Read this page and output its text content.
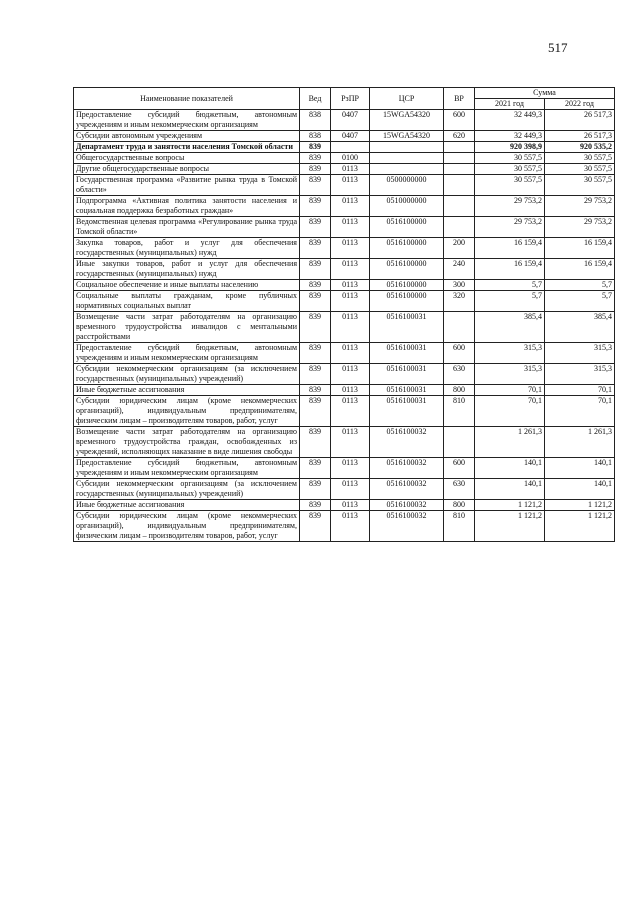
517
Наименование показателей	Вед	РзПР	ЦСР	ВР	Сумма	
					2021 год	2022 год
Предоставление субсидий бюджетным, автономным учреждениям и иным некоммерческим организациям	838	0407	15WGA54320	600	32 449,3	26 517,3
Субсидии автономным учреждениям	838	0407	15WGA54320	620	32 449,3	26 517,3
Департамент труда и занятости населения Томской области	839				920 398,9	920 535,2
Общегосударственные вопросы	839	0100			30 557,5	30 557,5
Другие общегосударственные вопросы	839	0113			30 557,5	30 557,5
Государственная программа «Развитие рынка труда в Томской области»	839	0113	0500000000		30 557,5	30 557,5
Подпрограмма «Активная политика занятости населения и социальная поддержка безработных граждан»	839	0113	0510000000		29 753,2	29 753,2
Ведомственная целевая программа «Регулирование рынка труда Томской области»	839	0113	0516100000		29 753,2	29 753,2
Закупка товаров, работ и услуг для обеспечения государственных (муниципальных) нужд	839	0113	0516100000	200	16 159,4	16 159,4
Иные закупки товаров, работ и услуг для обеспечения государственных (муниципальных) нужд	839	0113	0516100000	240	16 159,4	16 159,4
Социальное обеспечение и иные выплаты населению	839	0113	0516100000	300	5,7	5,7
Социальные выплаты гражданам, кроме публичных нормативных социальных выплат	839	0113	0516100000	320	5,7	5,7
Возмещение части затрат работодателям на организацию временного трудоустройства инвалидов с ментальными расстройствами	839	0113	0516100031		385,4	385,4
Предоставление субсидий бюджетным, автономным учреждениям и иным некоммерческим организациям	839	0113	0516100031	600	315,3	315,3
Субсидии некоммерческим организациям (за исключением государственных (муниципальных) учреждений)	839	0113	0516100031	630	315,3	315,3
Иные бюджетные ассигнования	839	0113	0516100031	800	70,1	70,1
Субсидии юридическим лицам (кроме некоммерческих организаций), индивидуальным предпринимателям, физическим лицам – производителям товаров, работ, услуг	839	0113	0516100031	810	70,1	70,1
Возмещение части затрат работодателям на организацию временного трудоустройства граждан, освобожденных из учреждений, исполняющих наказание в виде лишения свободы	839	0113	0516100032		1 261,3	1 261,3
Предоставление субсидий бюджетным, автономным учреждениям и иным некоммерческим организациям	839	0113	0516100032	600	140,1	140,1
Субсидии некоммерческим организациям (за исключением государственных (муниципальных) учреждений)	839	0113	0516100032	630	140,1	140,1
Иные бюджетные ассигнования	839	0113	0516100032	800	1 121,2	1 121,2
Субсидии юридическим лицам (кроме некоммерческих организаций), индивидуальным предпринимателям, физическим лицам – производителям товаров, работ, услуг	839	0113	0516100032	810	1 121,2	1 121,2
